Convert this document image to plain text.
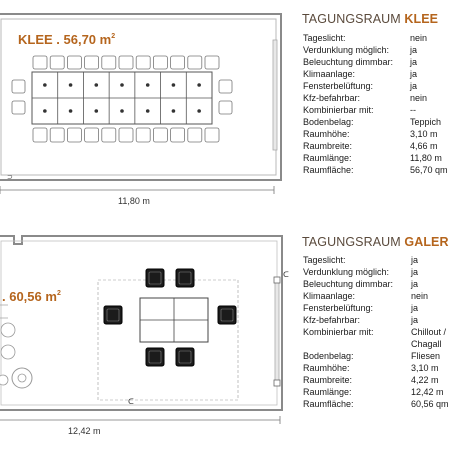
⊃
ᑕ
ᑕ
KLEE . 56,70 $m^2$
11,80 m
. 60,56 $m^2$
12,42 m
TAGUNGSRAUM KLEE
Tageslicht:	nein
Verdunklung möglich: ja
Beleuchtung dimmbar: ja
Klimaanlage:	ja
Fensterbelüftung:	ja
Kfz-befahrbar:	nein
Kombinierbar mit:	--
Bodenbelag:	Teppich
Raumhöhe:	3,10 m
Raumbreite:	4,66 m
Raumlänge:	11,80 m
Raumfläche:	56,70 qm
TAGUNGSRAUM GALER
Tageslicht:	ja
Verdunklung möglich: ja
Beleuchtung dimmbar: ja
Klimaanlage:	nein
Fensterbelüftung:	ja
Kfz-befahrbar:	ja
Kombinierbar mit:	Chillout /
Chagall
Bodenbelag:	Fliesen
Raumhöhe:	3,10 m
Raumbreite:	4,22 m
Raumlänge:	12,42 m
Raumfläche:	60,56 qm
